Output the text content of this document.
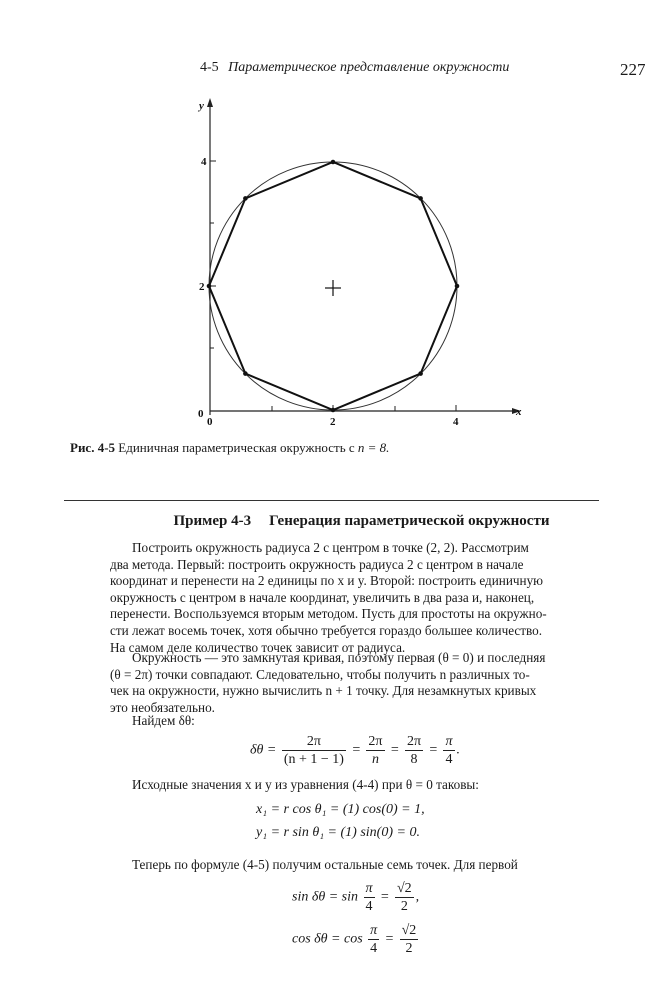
4-5 Параметрическое представление окружности	227
y
x
4
2
0
0	2	4
Рис. 4-5 Единичная параметрическая окружность с n = 8.
Пример 4-3 Генерация параметрической окружности
Построить окружность радиуса 2 с центром в точке (2, 2). Рассмотрим
два метода. Первый: построить окружность радиуса 2 с центром в начале
координат и перенести на 2 единицы по x и y. Второй: построить единичную
окружность с центром в начале координат, увеличить в два раза и, наконец,
перенести. Воспользуемся вторым методом. Пусть для простоты на окружно-
сти лежат восемь точек, хотя обычно требуется гораздо большее количество.
На самом деле количество точек зависит от радиуса.
Окружность — это замкнутая кривая, поэтому первая (θ = 0) и последняя
(θ = 2π) точки совпадают. Следовательно, чтобы получить n различных то-
чек на окружности, нужно вычислить n + 1 точку. Для незамкнутых кривых
это необязательно.
Найдем δθ:
$\delta\theta = \frac{2\pi}{(n + 1 - 1)} = \frac{2\pi}{n} = \frac{2\pi}{8} = \frac{\pi}{4}$ .
Исходные значения x и y из уравнения (4-4) при θ = 0 таковы:
x₁ = r cos θ₁ = (1) cos(0) = 1,
y₁ = r sin θ₁ = (1) sin(0) = 0.
Теперь по формуле (4-5) получим остальные семь точек. Для первой
$\sin \delta\theta = \sin \frac{\pi}{4} = \frac{√2}{2}$ ,
$\cos \delta\theta = \cos \frac{\pi}{4} = \frac{√2}{2}$
